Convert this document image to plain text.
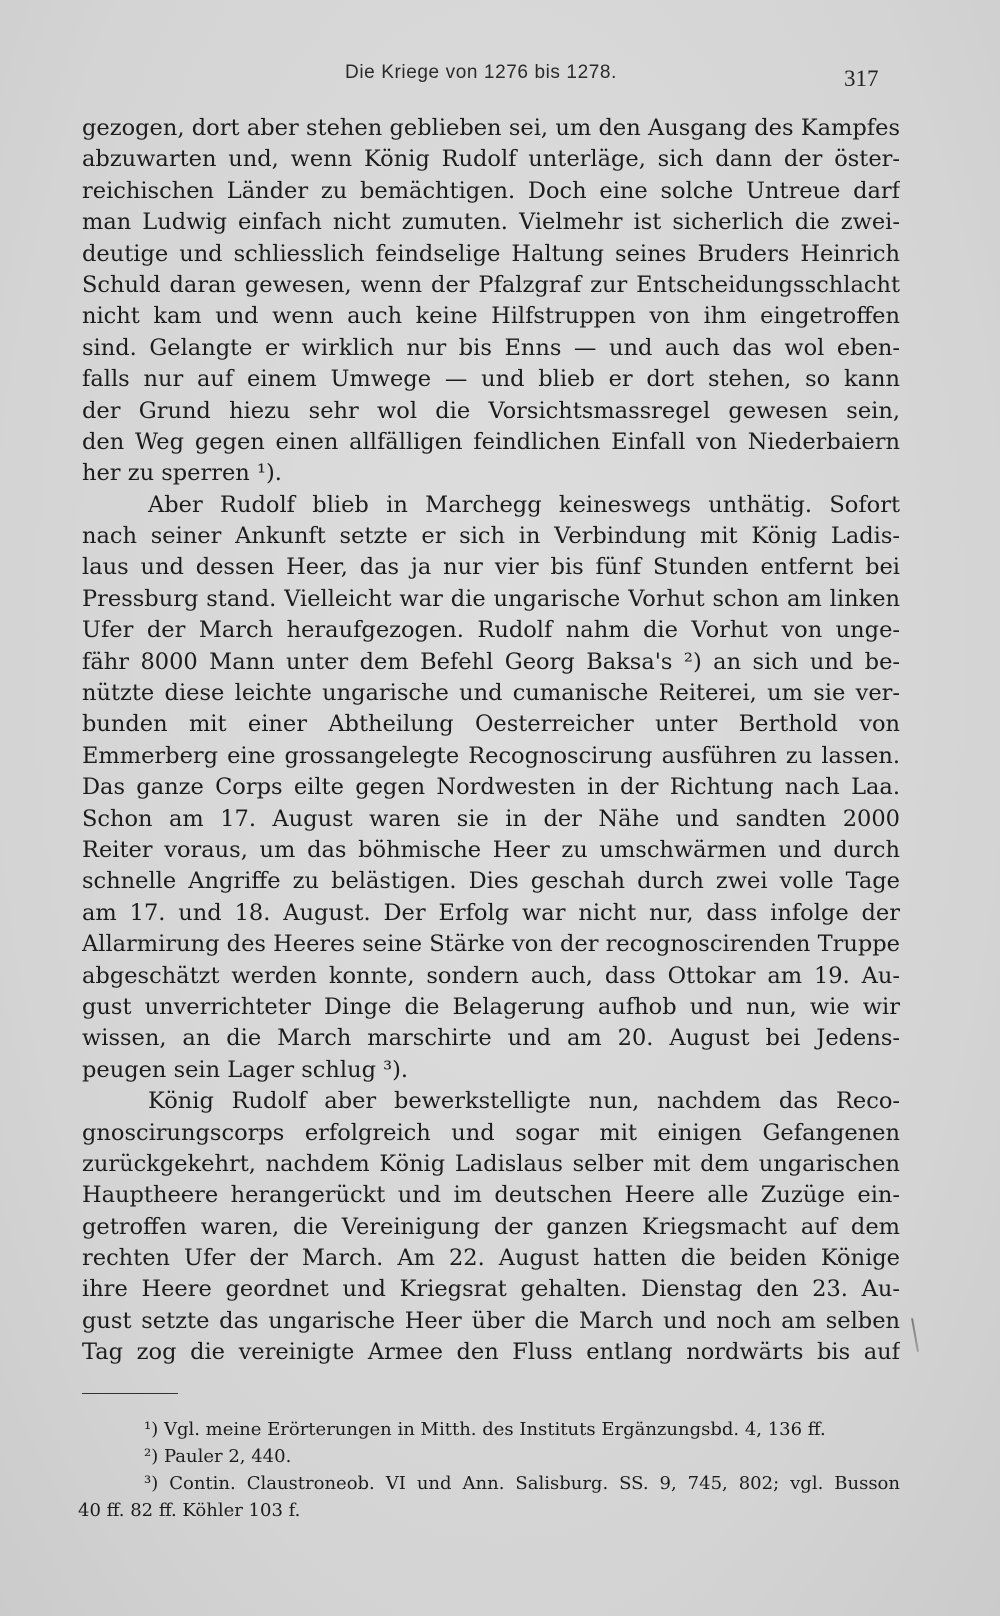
Die Kriege von 1276 bis 1278.	317
gezogen, dort aber stehen geblieben sei, um den Ausgang des Kampfes
abzuwarten und, wenn König Rudolf unterläge, sich dann der öster-
reichischen Länder zu bemächtigen. Doch eine solche Untreue darf
man Ludwig einfach nicht zumuten. Vielmehr ist sicherlich die zwei-
deutige und schliesslich feindselige Haltung seines Bruders Heinrich
Schuld daran gewesen, wenn der Pfalzgraf zur Entscheidungsschlacht
nicht kam und wenn auch keine Hilfstruppen von ihm eingetroffen
sind. Gelangte er wirklich nur bis Enns — und auch das wol eben-
falls nur auf einem Umwege — und blieb er dort stehen, so kann
der Grund hiezu sehr wol die Vorsichtsmassregel gewesen sein,
den Weg gegen einen allfälligen feindlichen Einfall von Niederbaiern
her zu sperren ¹).
Aber Rudolf blieb in Marchegg keineswegs unthätig. Sofort
nach seiner Ankunft setzte er sich in Verbindung mit König Ladis-
laus und dessen Heer, das ja nur vier bis fünf Stunden entfernt bei
Pressburg stand. Vielleicht war die ungarische Vorhut schon am linken
Ufer der March heraufgezogen. Rudolf nahm die Vorhut von unge-
fähr 8000 Mann unter dem Befehl Georg Baksa's ²) an sich und be-
nützte diese leichte ungarische und cumanische Reiterei, um sie ver-
bunden mit einer Abtheilung Oesterreicher unter Berthold von
Emmerberg eine grossangelegte Recognoscirung ausführen zu lassen.
Das ganze Corps eilte gegen Nordwesten in der Richtung nach Laa.
Schon am 17. August waren sie in der Nähe und sandten 2000
Reiter voraus, um das böhmische Heer zu umschwärmen und durch
schnelle Angriffe zu belästigen. Dies geschah durch zwei volle Tage
am 17. und 18. August. Der Erfolg war nicht nur, dass infolge der
Allarmirung des Heeres seine Stärke von der recognoscirenden Truppe
abgeschätzt werden konnte, sondern auch, dass Ottokar am 19. Au-
gust unverrichteter Dinge die Belagerung aufhob und nun, wie wir
wissen, an die March marschirte und am 20. August bei Jedens-
peugen sein Lager schlug ³).
König Rudolf aber bewerkstelligte nun, nachdem das Reco-
gnoscirungscorps erfolgreich und sogar mit einigen Gefangenen
zurückgekehrt, nachdem König Ladislaus selber mit dem ungarischen
Hauptheere herangerückt und im deutschen Heere alle Zuzüge ein-
getroffen waren, die Vereinigung der ganzen Kriegsmacht auf dem
rechten Ufer der March. Am 22. August hatten die beiden Könige
ihre Heere geordnet und Kriegsrat gehalten. Dienstag den 23. Au-
gust setzte das ungarische Heer über die March und noch am selben
Tag zog die vereinigte Armee den Fluss entlang nordwärts bis auf
¹) Vgl. meine Erörterungen in Mitth. des Instituts Ergänzungsbd. 4, 136 ff.
²) Pauler 2, 440.
³) Contin. Claustroneob. VI und Ann. Salisburg. SS. 9, 745, 802; vgl. Busson
40 ff. 82 ff. Köhler 103 f.
